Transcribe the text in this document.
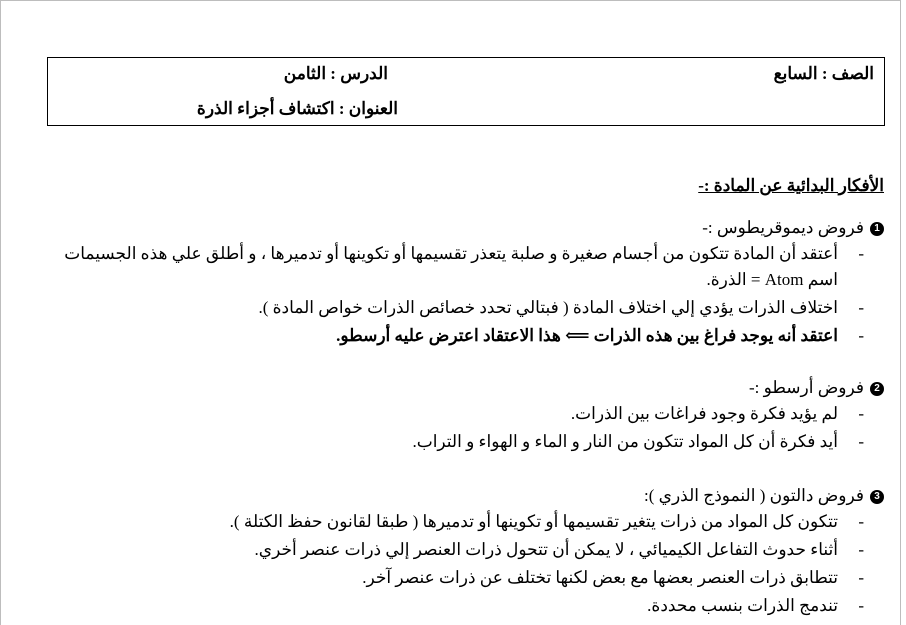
الصف : السابع
الدرس : الثامن
العنوان : اكتشاف أجزاء الذرة
الأفكار البدائية عن المادة :-
1فروض ديموقريطوس :-
-
أعتقد أن المادة تتكون من أجسام صغيرة و صلبة يتعذر تقسيمها أو تكوينها أو تدميرها ، و أطلق علي هذه الجسيمات
اسم Atom = الذرة.
-
اختلاف الذرات يؤدي إلي اختلاف المادة ( فبتالي تحدد خصائص الذرات خواص المادة ).
-
اعتقد أنه يوجد فراغ بين هذه الذرات ⟸ هذا الاعتقاد اعترض عليه أرسطو.
2فروض أرسطو :-
-
لم يؤيد فكرة وجود فراغات بين الذرات.
-
أيد فكرة أن كل المواد تتكون من النار و الماء و الهواء و التراب.
3فروض دالتون ( النموذج الذري ):
-
تتكون كل المواد من ذرات يتغير تقسيمها أو تكوينها أو تدميرها ( طبقا لقانون حفظ الكتلة ).
-
أثناء حدوث التفاعل الكيميائي ، لا يمكن أن تتحول ذرات العنصر إلي ذرات عنصر أخري.
-
تتطابق ذرات العنصر بعضها مع بعض لكنها تختلف عن ذرات عنصر آخر.
-
تندمج الذرات بنسب محددة.
